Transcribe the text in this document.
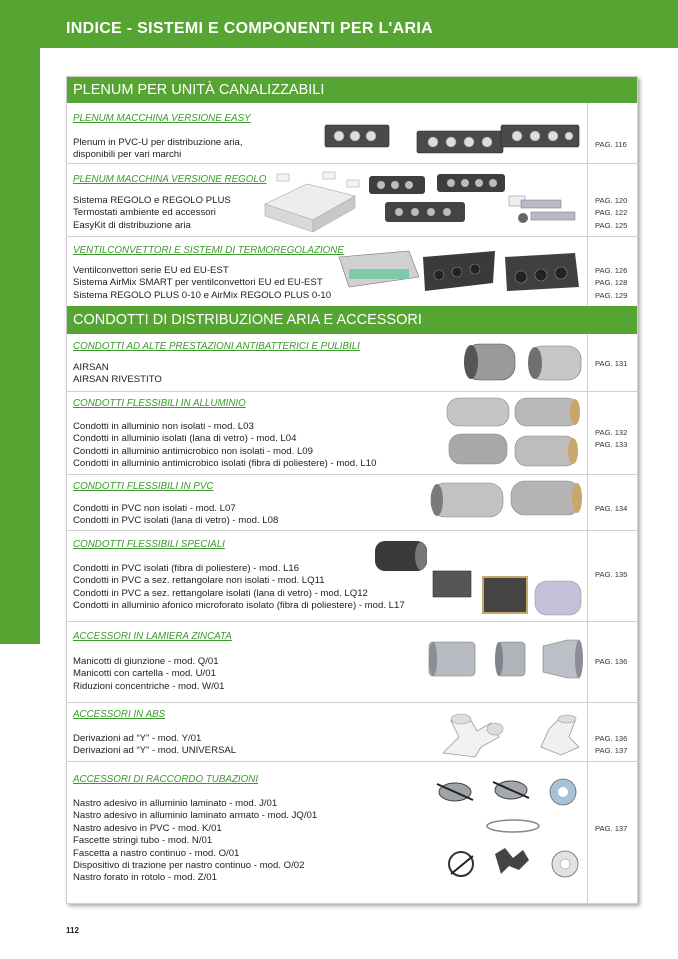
INDICE - SISTEMI E COMPONENTI PER L'ARIA
PLENUM PER UNITÀ CANALIZZABILI
PLENUM MACCHINA VERSIONE EASY
Plenum in PVC-U per distribuzione aria,
disponibili per vari marchi
PAG. 116
PLENUM MACCHINA VERSIONE REGOLO
Sistema REGOLO e REGOLO PLUS
Termostati ambiente ed accessori
EasyKit di distribuzione aria
PAG. 120
PAG. 122
PAG. 125
VENTILCONVETTORI E SISTEMI DI TERMOREGOLAZIONE
Ventilconvettori serie EU ed EU-EST
Sistema AirMix SMART per ventilconvettori EU ed EU-EST
Sistema REGOLO PLUS 0-10 e AirMix REGOLO PLUS 0-10
PAG. 126
PAG. 128
PAG. 129
CONDOTTI DI DISTRIBUZIONE ARIA E ACCESSORI
CONDOTTI AD ALTE PRESTAZIONI ANTIBATTERICI E PULIBILI
AIRSAN
AIRSAN RIVESTITO
PAG. 131
CONDOTTI FLESSIBILI IN ALLUMINIO
Condotti in alluminio non isolati - mod. L03
Condotti in alluminio isolati (lana di vetro) - mod. L04
Condotti in alluminio antimicrobico non isolati - mod. L09
Condotti in alluminio antimicrobico isolati (fibra di poliestere) - mod. L10
PAG. 132
PAG. 133
CONDOTTI FLESSIBILI IN PVC
Condotti in PVC non isolati - mod. L07
Condotti in PVC isolati (lana di vetro) - mod. L08
PAG. 134
CONDOTTI FLESSIBILI SPECIALI
Condotti in PVC isolati (fibra di poliestere) - mod. L16
Condotti in PVC a sez. rettangolare non isolati - mod. LQ11
Condotti in PVC a sez. rettangolare isolati (lana di vetro) - mod. LQ12
Condotti in alluminio afonico microforato isolato (fibra di poliestere) - mod. L17
PAG. 135
ACCESSORI IN LAMIERA ZINCATA
Manicotti di giunzione - mod. Q/01
Manicotti con cartella - mod. U/01
Riduzioni concentriche - mod. W/01
PAG. 136
ACCESSORI IN ABS
Derivazioni ad “Y” - mod. Y/01
Derivazioni ad “Y” - mod. UNIVERSAL
PAG. 136
PAG. 137
ACCESSORI DI RACCORDO TUBAZIONI
Nastro adesivo in alluminio laminato - mod. J/01
Nastro adesivo in alluminio laminato armato - mod. JQ/01
Nastro adesivo in PVC - mod. K/01
Fascette stringi tubo - mod. N/01
Fascetta a nastro continuo - mod. O/01
Dispositivo di trazione per nastro continuo - mod. O/02
Nastro forato in rotolo - mod. Z/01
PAG. 137
112
